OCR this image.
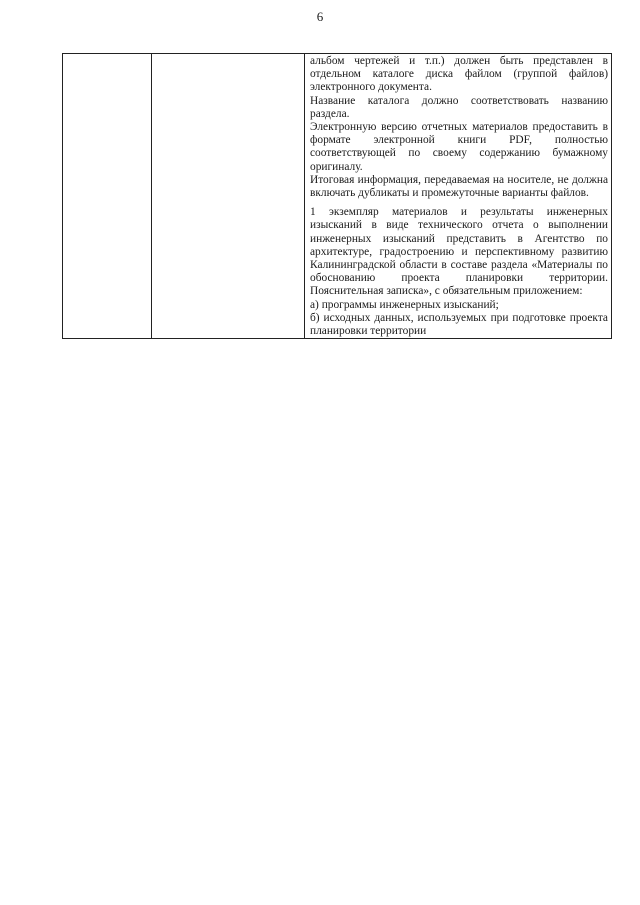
6

альбом чертежей и т.п.) должен быть представлен в отдельном каталоге диска файлом (группой файлов) электронного документа.

Название каталога должно соответствовать названию раздела.

Электронную версию отчетных материалов предоставить в формате электронной книги PDF, полностью соответствующей по своему содержанию бумажному оригиналу.

Итоговая информация, передаваемая на носителе, не должна включать дубликаты и промежуточные варианты файлов.

1 экземпляр материалов и результаты инженерных изысканий в виде технического отчета о выполнении инженерных изысканий представить в Агентство по архитектуре, градостроению и перспективному развитию Калининградской области в составе раздела «Материалы по обоснованию проекта планировки территории. Пояснительная записка», с обязательным приложением:

а) программы инженерных изысканий;

б) исходных данных, используемых при подготовке проекта планировки территории
